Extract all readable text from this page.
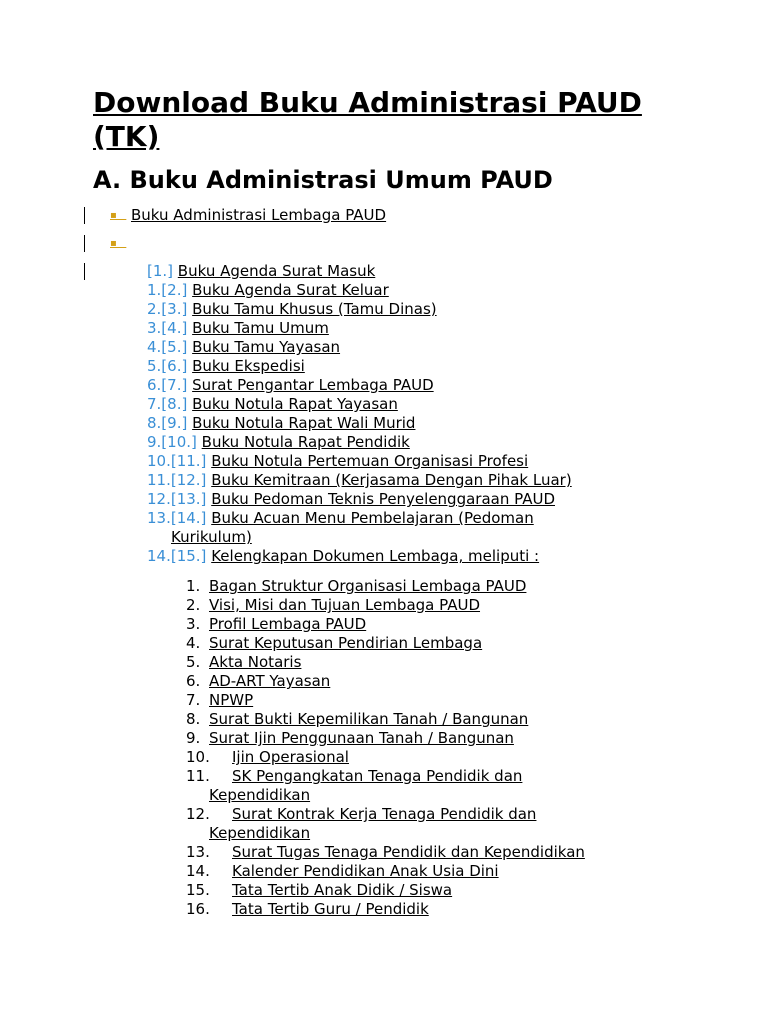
Download Buku Administrasi PAUD (TK)
A. Buku Administrasi Umum PAUD
▪
▪
Buku Administrasi Lembaga PAUD
[1.] Buku Agenda Surat Masuk
1.[2.] Buku Agenda Surat Keluar
2.[3.] Buku Tamu Khusus (Tamu Dinas)
3.[4.] Buku Tamu Umum
4.[5.] Buku Tamu Yayasan
5.[6.] Buku Ekspedisi
6.[7.] Surat Pengantar Lembaga PAUD
7.[8.] Buku Notula Rapat Yayasan
8.[9.] Buku Notula Rapat Wali Murid
9.[10.] Buku Notula Rapat Pendidik
10.[11.] Buku Notula Pertemuan Organisasi Profesi
11.[12.] Buku Kemitraan (Kerjasama Dengan Pihak Luar)
12.[13.] Buku Pedoman Teknis Penyelenggaraan PAUD
13.[14.] Buku Acuan Menu Pembelajaran (Pedoman
Kurikulum)
14.[15.] Kelengkapan Dokumen Lembaga, meliputi :
1. Bagan Struktur Organisasi Lembaga PAUD
2. Visi, Misi dan Tujuan Lembaga PAUD
3. Profil Lembaga PAUD
4. Surat Keputusan Pendirian Lembaga
5. Akta Notaris
6. AD-ART Yayasan
7. NPWP
8. Surat Bukti Kepemilikan Tanah / Bangunan
9. Surat Ijin Penggunaan Tanah / Bangunan
10. Ijin Operasional
11. SK Pengangkatan Tenaga Pendidik dan
Kependidikan
12. Surat Kontrak Kerja Tenaga Pendidik dan
Kependidikan
13. Surat Tugas Tenaga Pendidik dan Kependidikan
14. Kalender Pendidikan Anak Usia Dini
15. Tata Tertib Anak Didik / Siswa
16. Tata Tertib Guru / Pendidik
